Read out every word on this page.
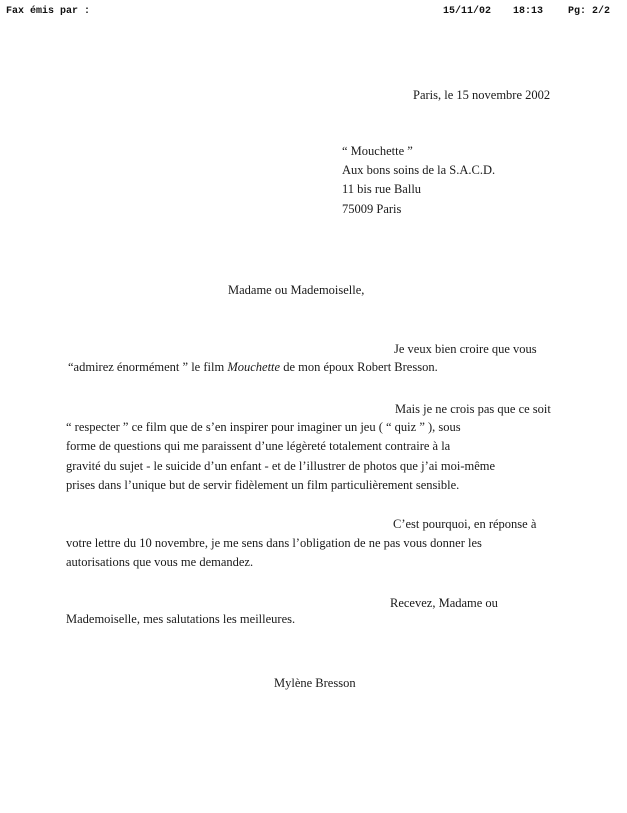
Fax émis par :	15/11/02 18:13 Pg: 2/2
Paris, le 15 novembre 2002
“ Mouchette ”
Aux bons soins de la S.A.C.D.
11 bis rue Ballu
75009 Paris
Madame ou Mademoiselle,
Je veux bien croire que vous
“admirez énormément ” le film Mouchette de mon époux Robert Bresson.
Mais je ne crois pas que ce soit
“ respecter ” ce film que de s’en inspirer pour imaginer un jeu ( “ quiz ” ), sous
forme de questions qui me paraissent d’une légèreté totalement contraire à la
gravité du sujet - le suicide d’un enfant - et de l’illustrer de photos que j’ai moi-même
prises dans l’unique but de servir fidèlement un film particulièrement sensible.
C’est pourquoi, en réponse à
votre lettre du 10 novembre, je me sens dans l’obligation de ne pas vous donner les
autorisations que vous me demandez.
Recevez, Madame ou
Mademoiselle, mes salutations les meilleures.
Mylène Bresson
